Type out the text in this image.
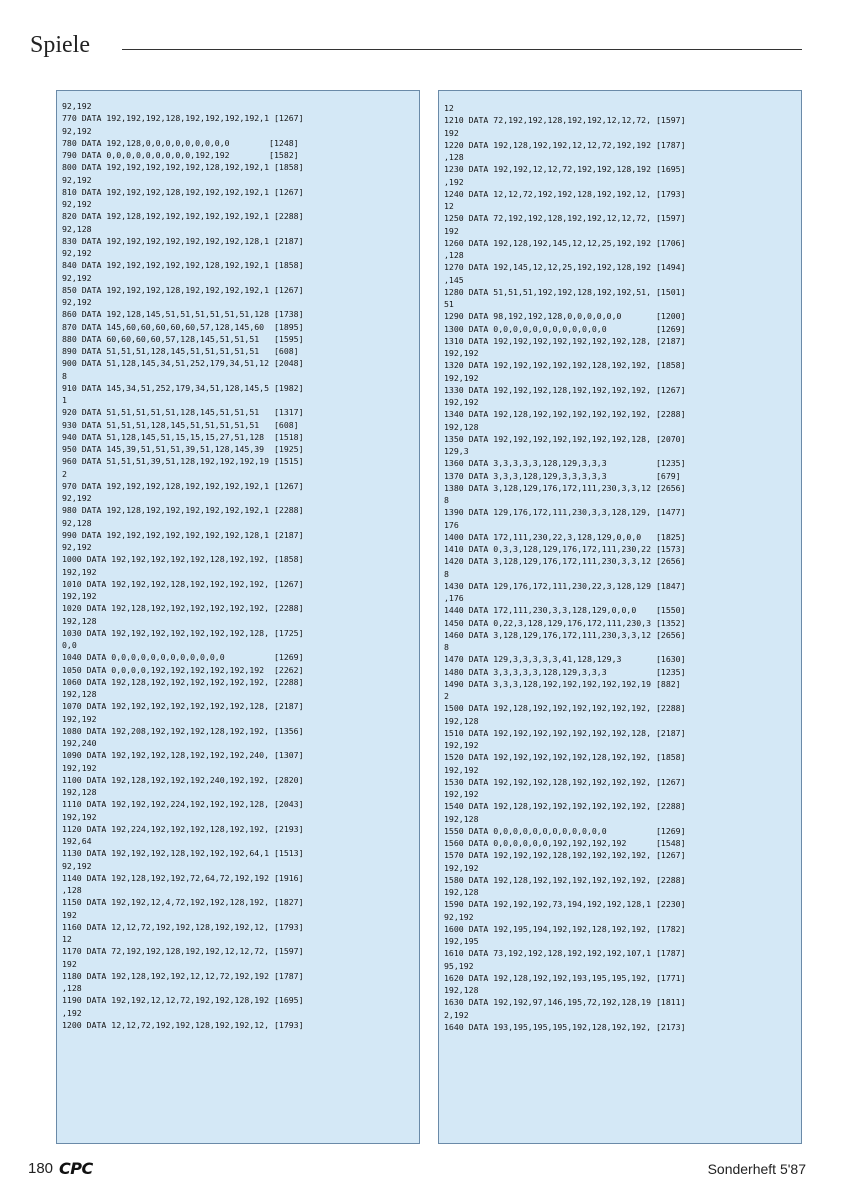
Spiele
92,192
770 DATA 192,192,192,128,192,192,192,192,1 [1267]
92,192
780 DATA 192,128,0,0,0,0,0,0,0,0,0        [1248]
790 DATA 0,0,0,0,0,0,0,0,0,192,192        [1582]
800 DATA 192,192,192,192,192,128,192,192,1 [1858]
92,192
810 DATA 192,192,192,128,192,192,192,192,1 [1267]
92,192
820 DATA 192,128,192,192,192,192,192,192,1 [2288]
92,128
830 DATA 192,192,192,192,192,192,192,128,1 [2187]
92,192
840 DATA 192,192,192,192,192,128,192,192,1 [1858]
92,192
850 DATA 192,192,192,128,192,192,192,192,1 [1267]
92,192
860 DATA 192,128,145,51,51,51,51,51,51,128 [1738]
870 DATA 145,60,60,60,60,60,57,128,145,60  [1895]
880 DATA 60,60,60,60,57,128,145,51,51,51   [1595]
890 DATA 51,51,51,128,145,51,51,51,51,51   [608]
900 DATA 51,128,145,34,51,252,179,34,51,12 [2048]
8
910 DATA 145,34,51,252,179,34,51,128,145,5 [1982]
1
920 DATA 51,51,51,51,51,128,145,51,51,51   [1317]
930 DATA 51,51,51,128,145,51,51,51,51,51   [608]
940 DATA 51,128,145,51,15,15,15,27,51,128  [1518]
950 DATA 145,39,51,51,51,39,51,128,145,39  [1925]
960 DATA 51,51,51,39,51,128,192,192,192,19 [1515]
2
970 DATA 192,192,192,128,192,192,192,192,1 [1267]
92,192
980 DATA 192,128,192,192,192,192,192,192,1 [2288]
92,128
990 DATA 192,192,192,192,192,192,192,128,1 [2187]
92,192
1000 DATA 192,192,192,192,192,128,192,192, [1858]
192,192
1010 DATA 192,192,192,128,192,192,192,192, [1267]
192,192
1020 DATA 192,128,192,192,192,192,192,192, [2288]
192,128
1030 DATA 192,192,192,192,192,192,192,128, [1725]
0,0
1040 DATA 0,0,0,0,0,0,0,0,0,0,0,0          [1269]
1050 DATA 0,0,0,0,192,192,192,192,192,192  [2262]
1060 DATA 192,128,192,192,192,192,192,192, [2288]
192,128
1070 DATA 192,192,192,192,192,192,192,128, [2187]
192,192
1080 DATA 192,208,192,192,192,128,192,192, [1356]
192,240
1090 DATA 192,192,192,128,192,192,192,240, [1307]
192,192
1100 DATA 192,128,192,192,192,240,192,192, [2820]
192,128
1110 DATA 192,192,192,224,192,192,192,128, [2043]
192,192
1120 DATA 192,224,192,192,192,128,192,192, [2193]
192,64
1130 DATA 192,192,192,128,192,192,192,64,1 [1513]
92,192
1140 DATA 192,128,192,192,72,64,72,192,192 [1916]
,128
1150 DATA 192,192,12,4,72,192,192,128,192, [1827]
192
1160 DATA 12,12,72,192,192,128,192,192,12, [1793]
12
1170 DATA 72,192,192,128,192,192,12,12,72, [1597]
192
1180 DATA 192,128,192,192,12,12,72,192,192 [1787]
,128
1190 DATA 192,192,12,12,72,192,192,128,192 [1695]
,192
1200 DATA 12,12,72,192,192,128,192,192,12, [1793]
12
1210 DATA 72,192,192,128,192,192,12,12,72, [1597]
192
1220 DATA 192,128,192,192,12,12,72,192,192 [1787]
,128
1230 DATA 192,192,12,12,72,192,192,128,192 [1695]
,192
1240 DATA 12,12,72,192,192,128,192,192,12, [1793]
12
1250 DATA 72,192,192,128,192,192,12,12,72, [1597]
192
1260 DATA 192,128,192,145,12,12,25,192,192 [1706]
,128
1270 DATA 192,145,12,12,25,192,192,128,192 [1494]
,145
1280 DATA 51,51,51,192,192,128,192,192,51, [1501]
51
1290 DATA 98,192,192,128,0,0,0,0,0,0       [1200]
1300 DATA 0,0,0,0,0,0,0,0,0,0,0,0          [1269]
1310 DATA 192,192,192,192,192,192,192,128, [2187]
192,192
1320 DATA 192,192,192,192,192,128,192,192, [1858]
192,192
1330 DATA 192,192,192,128,192,192,192,192, [1267]
192,192
1340 DATA 192,128,192,192,192,192,192,192, [2288]
192,128
1350 DATA 192,192,192,192,192,192,192,128, [2070]
129,3
1360 DATA 3,3,3,3,3,128,129,3,3,3          [1235]
1370 DATA 3,3,3,128,129,3,3,3,3,3          [679]
1380 DATA 3,128,129,176,172,111,230,3,3,12 [2656]
8
1390 DATA 129,176,172,111,230,3,3,128,129, [1477]
176
1400 DATA 172,111,230,22,3,128,129,0,0,0   [1825]
1410 DATA 0,3,3,128,129,176,172,111,230,22 [1573]
1420 DATA 3,128,129,176,172,111,230,3,3,12 [2656]
8
1430 DATA 129,176,172,111,230,22,3,128,129 [1847]
,176
1440 DATA 172,111,230,3,3,128,129,0,0,0    [1550]
1450 DATA 0,22,3,128,129,176,172,111,230,3 [1352]
1460 DATA 3,128,129,176,172,111,230,3,3,12 [2656]
8
1470 DATA 129,3,3,3,3,3,41,128,129,3       [1630]
1480 DATA 3,3,3,3,3,128,129,3,3,3          [1235]
1490 DATA 3,3,3,128,192,192,192,192,192,19 [882]
2
1500 DATA 192,128,192,192,192,192,192,192, [2288]
192,128
1510 DATA 192,192,192,192,192,192,192,128, [2187]
192,192
1520 DATA 192,192,192,192,192,128,192,192, [1858]
192,192
1530 DATA 192,192,192,128,192,192,192,192, [1267]
192,192
1540 DATA 192,128,192,192,192,192,192,192, [2288]
192,128
1550 DATA 0,0,0,0,0,0,0,0,0,0,0,0          [1269]
1560 DATA 0,0,0,0,0,0,192,192,192,192      [1548]
1570 DATA 192,192,192,128,192,192,192,192, [1267]
192,192
1580 DATA 192,128,192,192,192,192,192,192, [2288]
192,128
1590 DATA 192,192,192,73,194,192,192,128,1 [2230]
92,192
1600 DATA 192,195,194,192,192,128,192,192, [1782]
192,195
1610 DATA 73,192,192,128,192,192,192,107,1 [1787]
95,192
1620 DATA 192,128,192,192,193,195,195,192, [1771]
192,128
1630 DATA 192,192,97,146,195,72,192,128,19 [1811]
2,192
1640 DATA 193,195,195,195,192,128,192,192, [2173]
180 CPC	Sonderheft 5'87
